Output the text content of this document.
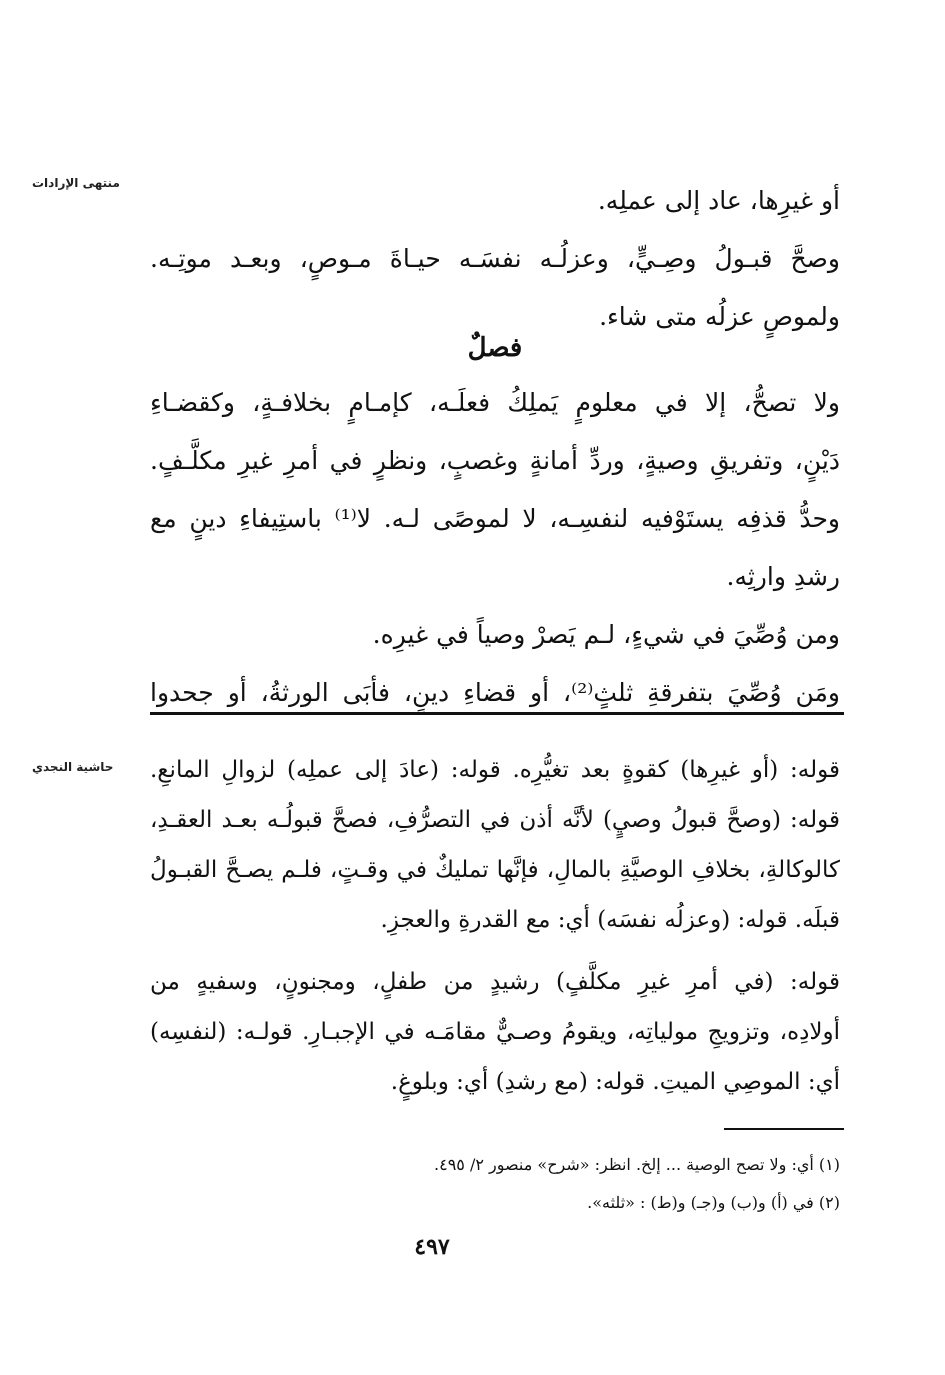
منتهى الإرادات
حاشية النجدي
أو غيرِها، عاد إلى عملِه.
وصحَّ قبـولُ وصِـيٍّ، وعزلُـه نفسَـه حيـاةَ مـوصٍ، وبعـد موتِـه.
ولموصٍ عزلُه متى شاء.
فصلٌ
ولا تصحُّ، إلا في معلومٍ يَملِكُ فعلَـه، كإمـامٍ بخلافـةٍ، وكقضـاءِ
دَيْنٍ، وتفريقِ وصيةٍ، وردِّ أمانةٍ وغصبٍ، ونظرٍ في أمرِ غيرِ مكلَّـفٍ.
وحدُّ قذفِه يستَوْفيه لنفسِـه، لا لموصًى لـه. لا⁽¹⁾ باستِيفاءِ دينٍ مع
رشدِ وارثِه.
ومن وُصِّيَ في شيءٍ، لـم يَصرْ وصياً في غيرِه.
ومَن وُصِّيَ بتفرقةِ ثلثٍ⁽²⁾، أو قضاءِ دينٍ، فأبَى الورثةُ، أو جحدوا
قوله: (أو غيرِها) كقوةٍ بعد تغيُّرِه. قوله: (عادَ إلى عملِه) لزوالِ المانعِ.
قوله: (وصحَّ قبولُ وصيٍ) لأنَّه أذن في التصرُّفِ، فصحَّ قبولُـه بعـد العقـدِ،
كالوكالةِ، بخلافِ الوصيَّةِ بالمالِ، فإنَّها تمليكٌ في وقـتٍ، فلـم يصـحَّ القبـولُ
قبلَه. قوله: (وعزلُه نفسَه) أي: مع القدرةِ والعجزِ.
قوله: (في أمرِ غيرِ مكلَّفٍ) رشيدٍ من طفلٍ، ومجنونٍ، وسفيهٍ من
أولادِه، وتزويجِ مولياتِه، ويقومُ وصـيٌّ مقامَـه في الإجبـارِ. قولـه: (لنفسِه)
أي: الموصِي الميتِ. قوله: (مع رشدِ) أي: وبلوغٍ.
(١) أي: ولا تصح الوصية ... إلخ. انظر: «شرح» منصور ٢/ ٤٩٥.
(٢) في (أ) و(ب) و(جـ) و(ط) : «ثلثه».
٤٩٧
